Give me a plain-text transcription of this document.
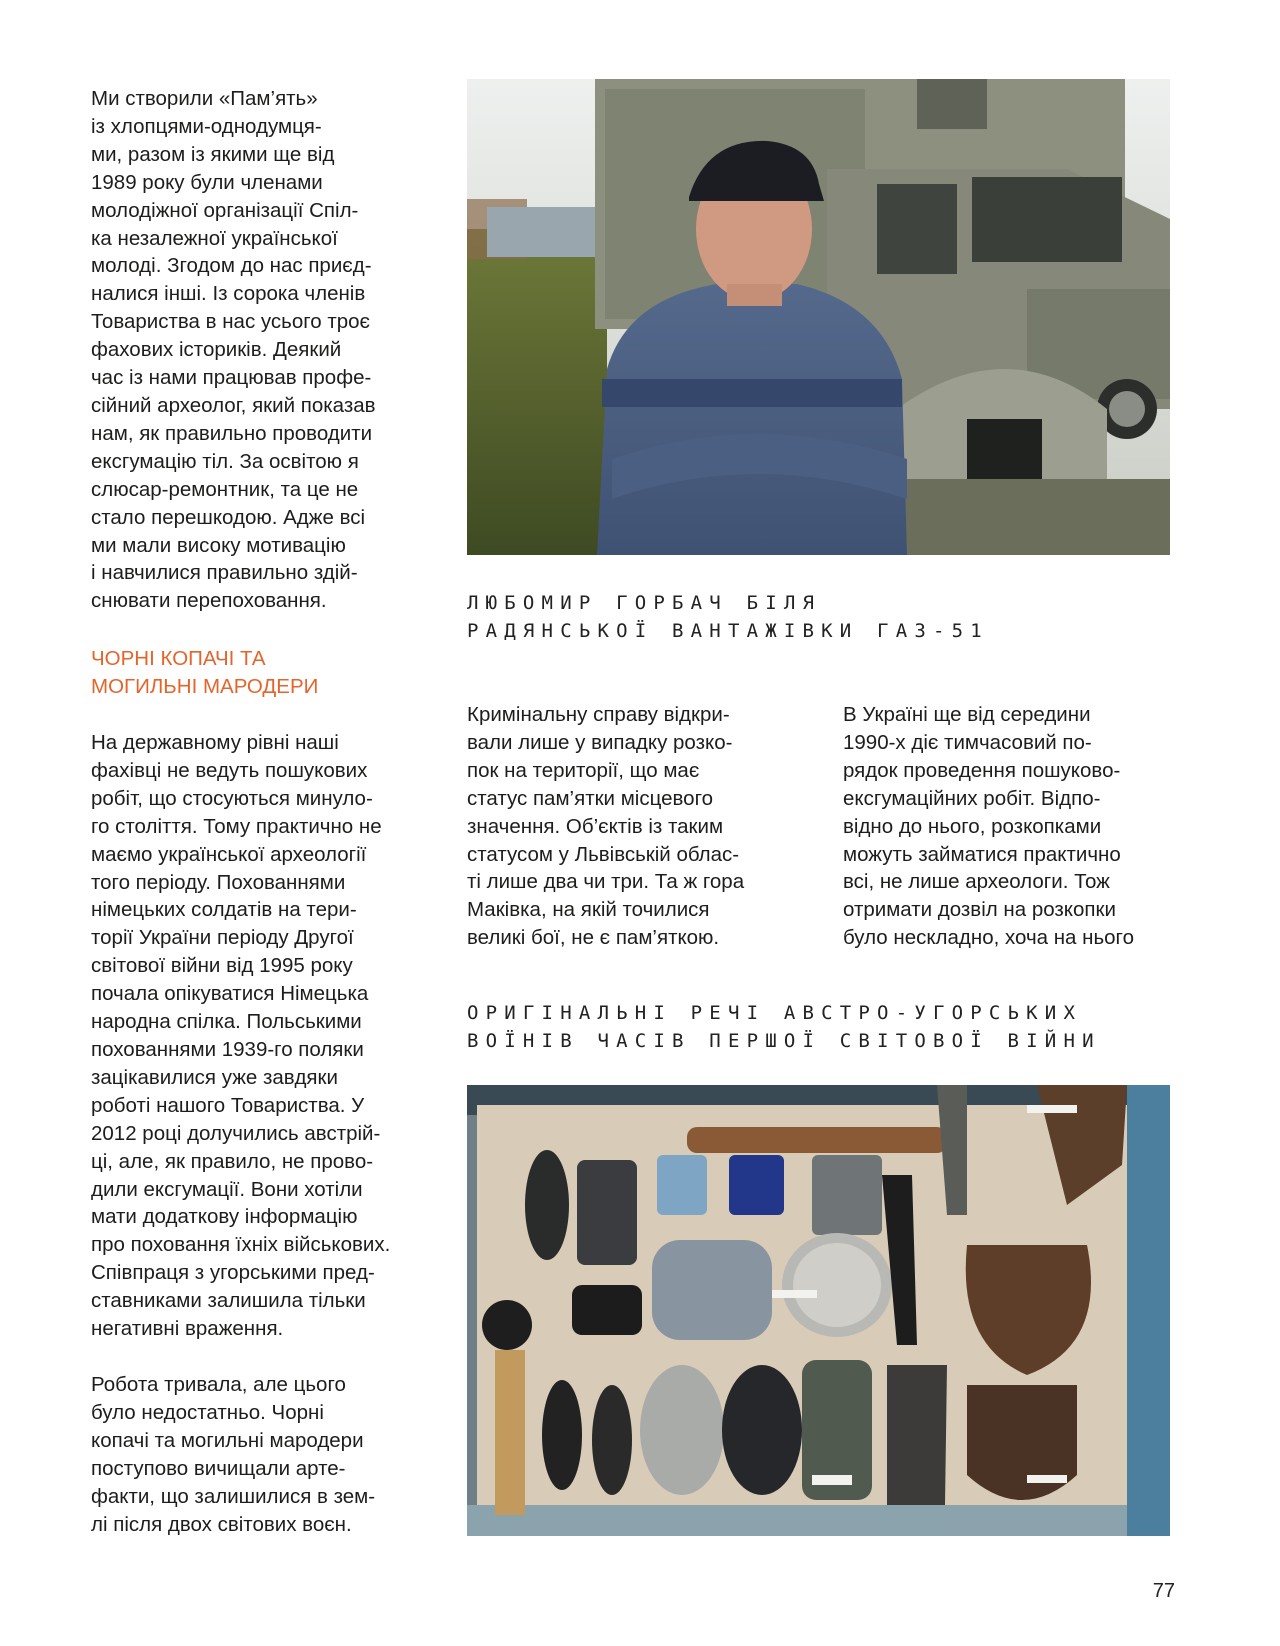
Ми створили «Пам’ять»
із хлопцями-однодумця-
ми, разом із якими ще від
1989 року були членами
молодіжної організації Спіл-
ка незалежної української
молоді. Згодом до нас приєд-
налися інші. Із сорока членів
Товариства в нас усього троє
фахових істориків. Деякий
час із нами працював профе-
сійний археолог, який показав
нам, як правильно проводити
ексгумацію тіл. За освітою я
слюсар-ремонтник, та це не
стало перешкодою. Адже всі
ми мали високу мотивацію
і навчилися правильно здій-
снювати перепоховання.

ЧОРНІ КОПАЧІ ТА
МОГИЛЬНІ МАРОДЕРИ

На державному рівні наші
фахівці не ведуть пошукових
робіт, що стосуються минуло-
го століття. Тому практично не
маємо української археології
того періоду. Похованнями
німецьких солдатів на тери-
торії України періоду Другої
світової війни від 1995 року
почала опікуватися Німецька
народна спілка. Польськими
похованнями 1939-го поляки
зацікавилися уже завдяки
роботі нашого Товариства. У
2012 році долучились австрій-
ці, але, як правило, не прово-
дили ексгумації. Вони хотіли
мати додаткову інформацію
про поховання їхніх військових.
Співпраця з угорськими пред-
ставниками залишила тільки
негативні враження.

Робота тривала, але цього
було недостатньо. Чорні
копачі та могильні мародери
поступово вичищали арте-
факти, що залишилися в зем-
лі після двох світових воєн.

ЛЮБОМИР ГОРБАЧ БІЛЯ
РАДЯНСЬКОЇ ВАНТАЖІВКИ ГАЗ-51

Кримінальну справу відкри-
вали лише у випадку розко-
пок на території, що має
статус пам’ятки місцевого
значення. Об’єктів із таким
статусом у Львівській облас-
ті лише два чи три. Та ж гора
Маківка, на якій точилися
великі бої, не є пам’яткою.

В Україні ще від середини
1990-х діє тимчасовий по-
рядок проведення пошуково-
ексгумаційних робіт. Відпо-
відно до нього, розкопками
можуть займатися практично
всі, не лише археологи. Тож
отримати дозвіл на розкопки
було нескладно, хоча на нього

ОРИГІНАЛЬНІ РЕЧІ АВСТРО-УГОРСЬКИХ
ВОЇНІВ ЧАСІВ ПЕРШОЇ СВІТОВОЇ ВІЙНИ

77
